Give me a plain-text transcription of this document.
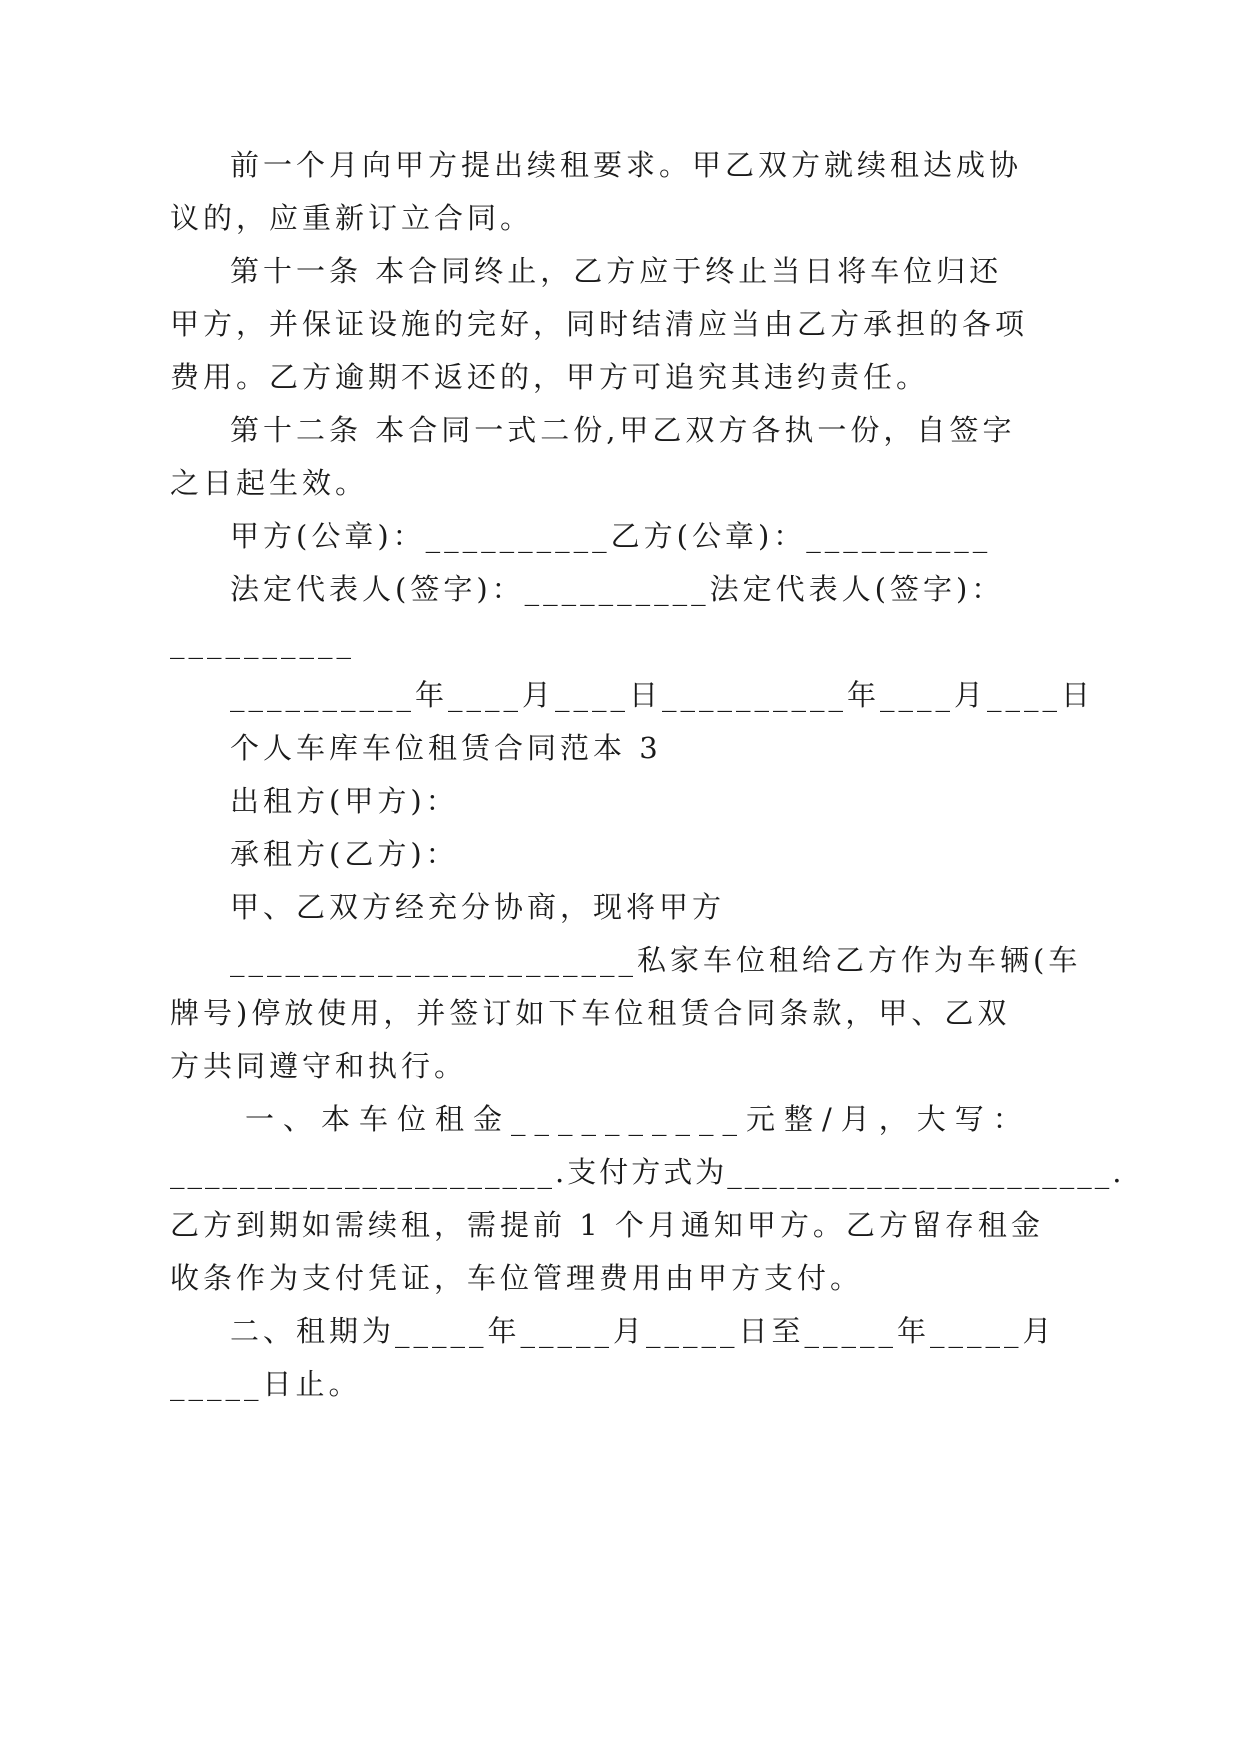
前一个月向甲方提出续租要求。甲乙双方就续租达成协
议的，应重新订立合同。
第十一条 本合同终止，乙方应于终止当日将车位归还
甲方，并保证设施的完好，同时结清应当由乙方承担的各项
费用。乙方逾期不返还的，甲方可追究其违约责任。
第十二条 本合同一式二份,甲乙双方各执一份，自签字
之日起生效。
甲方(公章)：__________乙方(公章)：__________
法定代表人(签字)：__________法定代表人(签字)：
__________
__________年____月____日__________年____月____日
个人车库车位租赁合同范本 3
出租方(甲方)：
承租方(乙方)：
甲、乙双方经充分协商，现将甲方
______________________私家车位租给乙方作为车辆(车
牌号)停放使用，并签订如下车位租赁合同条款，甲、乙双
方共同遵守和执行。
一、本车位租金__________元整/月，大写：
______________________.支付方式为______________________.
乙方到期如需续租，需提前 1 个月通知甲方。乙方留存租金
收条作为支付凭证，车位管理费用由甲方支付。
二、租期为_____年_____月_____日至_____年_____月
_____日止。
